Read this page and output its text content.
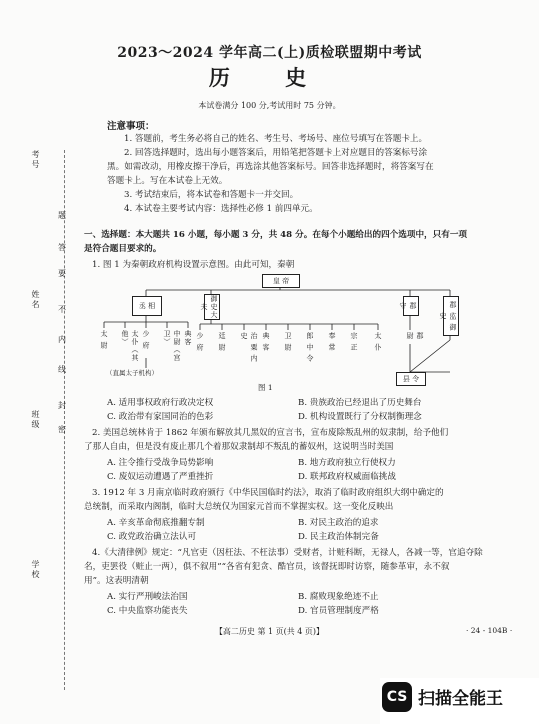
2023～2024 学年高二(上)质检联盟期中考试
历 史
本试卷满分 100 分,考试用时 75 分钟。
注意事项：
1. 答题前，考生务必将自己的姓名、考生号、考场号、座位号填写在答题卡上。
2. 回答选择题时，选出每小题答案后，用铅笔把答题卡上对应题目的答案标号涂
黑。如需改动，用橡皮擦干净后，再选涂其他答案标号。回答非选择题时，将答案写在
答题卡上。写在本试卷上无效。
3. 考试结束后，将本试卷和答题卡一并交回。
4. 本试卷主要考试内容：选择性必修 1 前四单元。
一、选择题：本大题共 16 小题，每小题 3 分，共 48 分。在每个小题给出的四个选项中，只有一项
是符合题目要求的。
1. 图 1 为秦朝政府机构设置示意图。由此可知，秦朝
皇 帝
丞 相	御史大夫	郡 守	郡 监 御 史
太 尉	太仆（其他）	少 府	中尉（宫卫）	典客 少 府 廷 尉	治 粟 内 史	典 客 卫 尉 郎 中 令 奉 常 宗 正 太 仆	郡 尉
县 令
（直属太子机构）
图 1
A. 适用事权政府行政决定权	B. 贵族政治已经退出了历史舞台
C. 政治带有家国同治的色彩	D. 机构设置既行了分权制衡理念
2. 美国总统林肯于 1862 年颁布解放其几黑奴的宣言书，宣布废除叛乱州的奴隶制，给予他们
了那人自由，但是没有废止那几个着那奴隶制却不叛乱的蓄奴州，这说明当时美国
A. 注令推行受战争局势影响	B. 地方政府独立行使权力
C. 废奴运动遭遇了严重挫折	D. 联邦政府权威面临挑战
3. 1912 年 3 月南京临时政府颁行《中华民国临时约法》，取消了临时政府组织大纲中确定的
总统制，而采取内阁制，临时大总统仅为国家元首而不掌握实权。这一变化反映出
A. 辛亥革命彻底推翻专制	B. 对民主政治的追求
C. 政党政治确立法认可	D. 民主政治体制完备
4.《大清律例》规定：“凡官吏（因枉法、不枉法事）受财者，计赃科断，无禄人，各减一等，官追夺除
名，吏罢役（赃止一两），俱不叙用”“各省有犯贪、酷官员，该督抚即时访察，随参革审，永不叙
用”。这表明清朝
A. 实行严刑峻法治国	B. 腐败现象绝迹不止
C. 中央监察功能丧失	D. 官员管理制度严格
【高二历史 第 1 页(共 4 页)】	· 24 - 104B ·
考号
姓名
班级
学校
题
答
要
不
内
线
封
密
CS 扫描全能王
